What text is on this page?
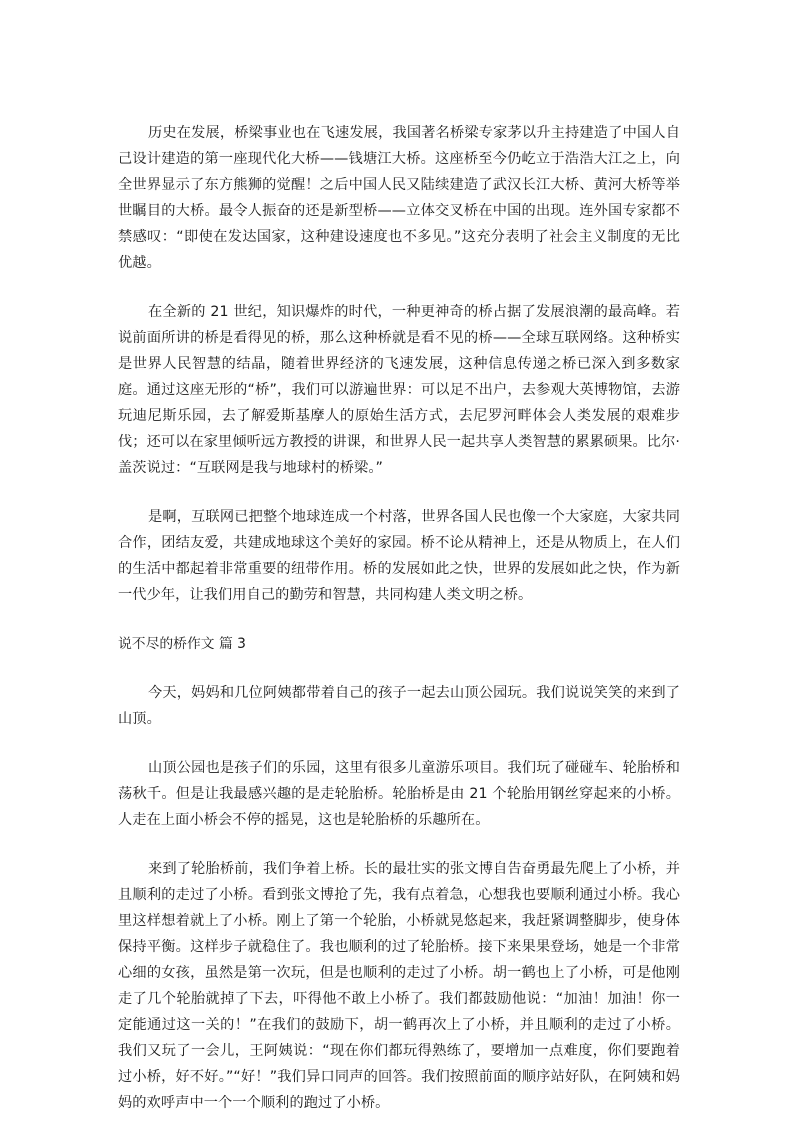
历史在发展，桥梁事业也在飞速发展，我国著名桥梁专家茅以升主持建造了中国人自己设计建造的第一座现代化大桥——钱塘江大桥。这座桥至今仍屹立于浩浩大江之上，向全世界显示了东方熊狮的觉醒！之后中国人民又陆续建造了武汉长江大桥、黄河大桥等举世瞩目的大桥。最令人振奋的还是新型桥——立体交叉桥在中国的出现。连外国专家都不禁感叹：“即使在发达国家，这种建设速度也不多见。”这充分表明了社会主义制度的无比优越。

在全新的 21 世纪，知识爆炸的时代，一种更神奇的桥占据了发展浪潮的最高峰。若说前面所讲的桥是看得见的桥，那么这种桥就是看不见的桥——全球互联网络。这种桥实是世界人民智慧的结晶，随着世界经济的飞速发展，这种信息传递之桥已深入到多数家庭。通过这座无形的“桥”，我们可以游遍世界：可以足不出户，去参观大英博物馆，去游玩迪尼斯乐园，去了解爱斯基摩人的原始生活方式，去尼罗河畔体会人类发展的艰难步伐；还可以在家里倾听远方教授的讲课，和世界人民一起共享人类智慧的累累硕果。比尔·盖茨说过：“互联网是我与地球村的桥梁。”

是啊，互联网已把整个地球连成一个村落，世界各国人民也像一个大家庭，大家共同合作，团结友爱，共建成地球这个美好的家园。桥不论从精神上，还是从物质上，在人们的生活中都起着非常重要的纽带作用。桥的发展如此之快，世界的发展如此之快，作为新一代少年，让我们用自己的勤劳和智慧，共同构建人类文明之桥。

说不尽的桥作文 篇 3

今天，妈妈和几位阿姨都带着自己的孩子一起去山顶公园玩。我们说说笑笑的来到了山顶。

山顶公园也是孩子们的乐园，这里有很多儿童游乐项目。我们玩了碰碰车、轮胎桥和荡秋千。但是让我最感兴趣的是走轮胎桥。轮胎桥是由 21 个轮胎用钢丝穿起来的小桥。人走在上面小桥会不停的摇晃，这也是轮胎桥的乐趣所在。

来到了轮胎桥前，我们争着上桥。长的最壮实的张文博自告奋勇最先爬上了小桥，并且顺利的走过了小桥。看到张文博抢了先，我有点着急，心想我也要顺利通过小桥。我心里这样想着就上了小桥。刚上了第一个轮胎，小桥就晃悠起来，我赶紧调整脚步，使身体保持平衡。这样步子就稳住了。我也顺利的过了轮胎桥。接下来果果登场，她是一个非常心细的女孩，虽然是第一次玩，但是也顺利的走过了小桥。胡一鹤也上了小桥，可是他刚走了几个轮胎就掉了下去，吓得他不敢上小桥了。我们都鼓励他说：“加油！加油！你一定能通过这一关的！”在我们的鼓励下，胡一鹤再次上了小桥，并且顺利的走过了小桥。我们又玩了一会儿，王阿姨说：“现在你们都玩得熟练了，要增加一点难度，你们要跑着过小桥，好不好。”“好！”我们异口同声的回答。我们按照前面的顺序站好队，在阿姨和妈妈的欢呼声中一个一个顺利的跑过了小桥。
